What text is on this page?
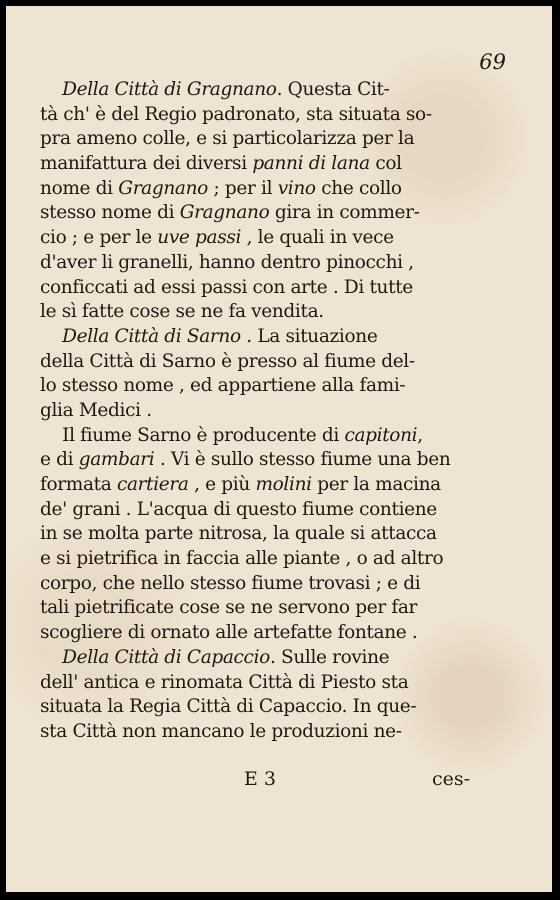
69
Della Città di Gragnano. Questa Cit-
tà ch' è del Regio padronato, sta situata so-
pra ameno colle, e si particolarizza per la
manifattura dei diversi panni di lana col
nome di Gragnano ; per il vino che collo
stesso nome di Gragnano gira in commer-
cio ; e per le uve passi , le quali in vece
d'aver li granelli, hanno dentro pinocchi ,
conficcati ad essi passi con arte . Di tutte
le sì fatte cose se ne fa vendita.
Della Città di Sarno . La situazione
della Città di Sarno è presso al fiume del-
lo stesso nome , ed appartiene alla fami-
glia Medici .
Il fiume Sarno è producente di capitoni,
e di gambari . Vi è sullo stesso fiume una ben
formata cartiera , e più molini per la macina
de' grani . L'acqua di questo fiume contiene
in se molta parte nitrosa, la quale si attacca
e si pietrifica in faccia alle piante , o ad altro
corpo, che nello stesso fiume trovasi ; e di
tali pietrificate cose se ne servono per far
scogliere di ornato alle artefatte fontane .
Della Città di Capaccio. Sulle rovine
dell' antica e rinomata Città di Piesto sta
situata la Regia Città di Capaccio. In que-
sta Città non mancano le produzioni ne-
E 3	ces-
